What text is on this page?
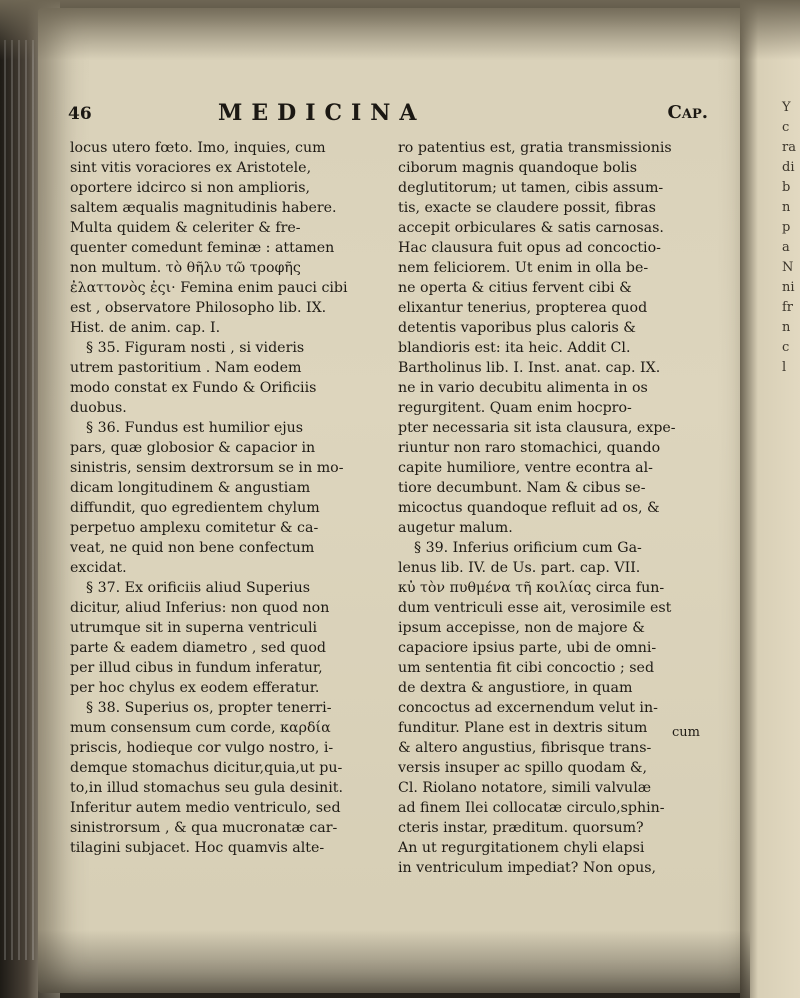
Y
c
ra
di
b
n
p
a
N
ni
fr
n
c
l
46	MEDICINA	Cap.

locus utero fœto. Imo, inquies, cum

sint vitis voraciores ex Aristotele,

oportere idcirco si non amplioris,

saltem æqualis magnitudinis habere.

Multa quidem & celeriter & fre-

quenter comedunt feminæ : attamen

non multum. τὸ θῆλυ τῶ τροφῆς

ἐλαττονὸς ἐςι· Femina enim pauci cibi

est , observatore Philosopho lib. IX.

Hist. de anim. cap. I.

§ 35. Figuram nosti , si videris

utrem pastoritium . Nam eodem

modo constat ex Fundo & Orificiis

duobus.

§ 36. Fundus est humilior ejus

pars, quæ globosior & capacior in

sinistris, sensim dextrorsum se in mo-

dicam longitudinem & angustiam

diffundit, quo egredientem chylum

perpetuo amplexu comitetur & ca-

veat, ne quid non bene confectum

excidat.

§ 37. Ex orificiis aliud Superius

dicitur, aliud Inferius: non quod non

utrumque sit in superna ventriculi

parte & eadem diametro , sed quod

per illud cibus in fundum inferatur,

per hoc chylus ex eodem efferatur.

§ 38. Superius os, propter tenerri-

mum consensum cum corde, καρδία

priscis, hodieque cor vulgo nostro, i-

demque stomachus dicitur,quia,ut pu-

to,in illud stomachus seu gula desinit.

Inferitur autem medio ventriculo, sed

sinistrorsum , & qua mucronatæ car-

tilagini subjacet. Hoc quamvis alte-

ro patentius est, gratia transmissionis

ciborum magnis quandoque bolis

deglutitorum; ut tamen, cibis assum-

tis, exacte se claudere possit, fibras

accepit orbiculares & satis carnosas.

Hac clausura fuit opus ad concoctio-

nem feliciorem. Ut enim in olla be-

ne operta & citius fervent cibi &

elixantur tenerius, propterea quod

detentis vaporibus plus caloris &

blandioris est: ita heic. Addit Cl.

Bartholinus lib. I. Inst. anat. cap. IX.

ne in vario decubitu alimenta in os

regurgitent. Quam enim hocpro-

pter necessaria sit ista clausura, expe-

riuntur non raro stomachici, quando

capite humiliore, ventre econtra al-

tiore decumbunt. Nam & cibus se-

micoctus quandoque refluit ad os, &

augetur malum.

§ 39. Inferius orificium cum Ga-

lenus lib. IV. de Us. part. cap. VII.

κὐ τὸν πυθμένα τῆ κοιλίας circa fun-

dum ventriculi esse ait, verosimile est

ipsum accepisse, non de majore &

capaciore ipsius parte, ubi de omni-

um sententia fit cibi concoctio ; sed

de dextra & angustiore, in quam

concoctus ad excernendum velut in-

funditur. Plane est in dextris situm

& altero angustius, fibrisque trans-

versis insuper ac spillo quodam &,

Cl. Riolano notatore, simili valvulæ

ad finem Ilei collocatæ circulo,sphin-

cteris instar, præditum. quorsum?

An ut regurgitationem chyli elapsi

in ventriculum impediat? Non opus,

cum
